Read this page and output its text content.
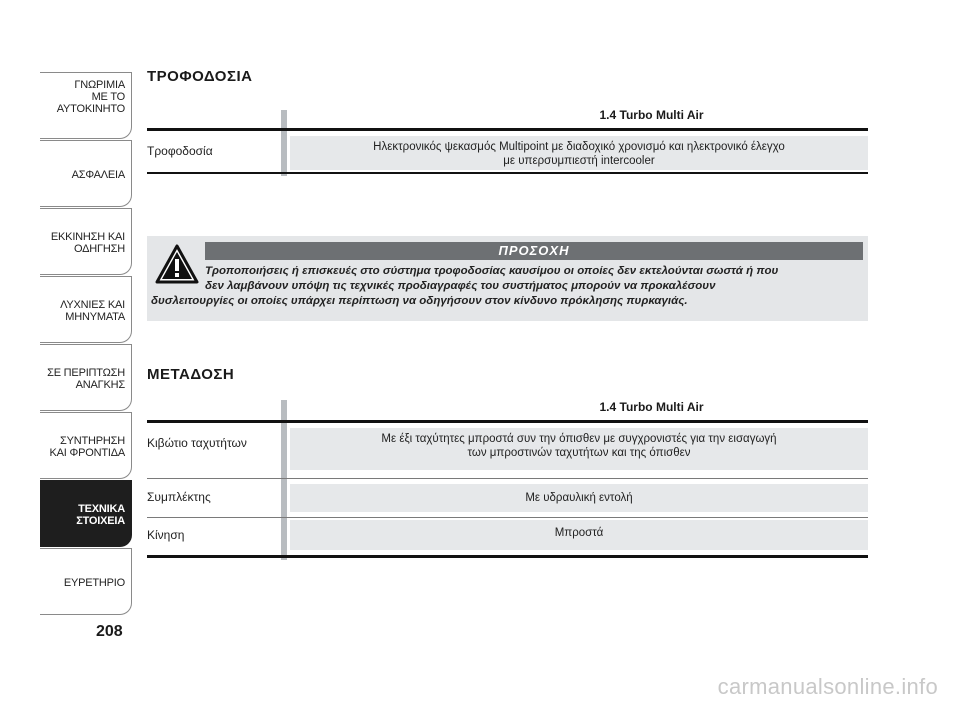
ΓΝΩΡΙΜΙΑ
ΜΕ ΤΟ
ΑΥΤΟΚΙΝΗΤΟ
ΑΣΦΑΛΕΙΑ
ΕΚΚΙΝΗΣΗ ΚΑΙ
ΟΔΗΓΗΣΗ
ΛΥΧΝΙΕΣ ΚΑΙ
ΜΗΝΥΜΑΤΑ
ΣΕ ΠΕΡΙΠΤΩΣΗ
ΑΝΑΓΚΗΣ
ΣΥΝΤΗΡΗΣΗ
ΚΑΙ ΦΡΟΝΤΙΔΑ
ΤΕΧΝΙΚΑ
ΣΤΟΙΧΕΙΑ
ΕΥΡΕΤΗΡΙΟ
208
ΤΡΟΦΟΔΟΣΙΑ
1.4 Turbo Multi Air
Τροφοδοσία	Ηλεκτρονικός ψεκασμός Multipoint με διαδοχικό χρονισμό και ηλεκτρονικό έλεγχο
με υπερσυμπιεστή intercooler
ΠΡΟΣΟΧΗ
Τροποποιήσεις ή επισκευές στο σύστημα τροφοδοσίας καυσίμου οι οποίες δεν εκτελούνται σωστά ή που
δεν λαμβάνουν υπόψη τις τεχνικές προδιαγραφές του συστήματος μπορούν να προκαλέσουν
δυσλειτουργίες οι οποίες υπάρχει περίπτωση να οδηγήσουν στον κίνδυνο πρόκλησης πυρκαγιάς.
ΜΕΤΑΔΟΣΗ
1.4 Turbo Multi Air
Κιβώτιο ταχυτήτων	Με έξι ταχύτητες μπροστά συν την όπισθεν με συγχρονιστές για την εισαγωγή
των μπροστινών ταχυτήτων και της όπισθεν
Συμπλέκτης	Με υδραυλική εντολή
Κίνηση	Μπροστά
carmanualsonline.info
